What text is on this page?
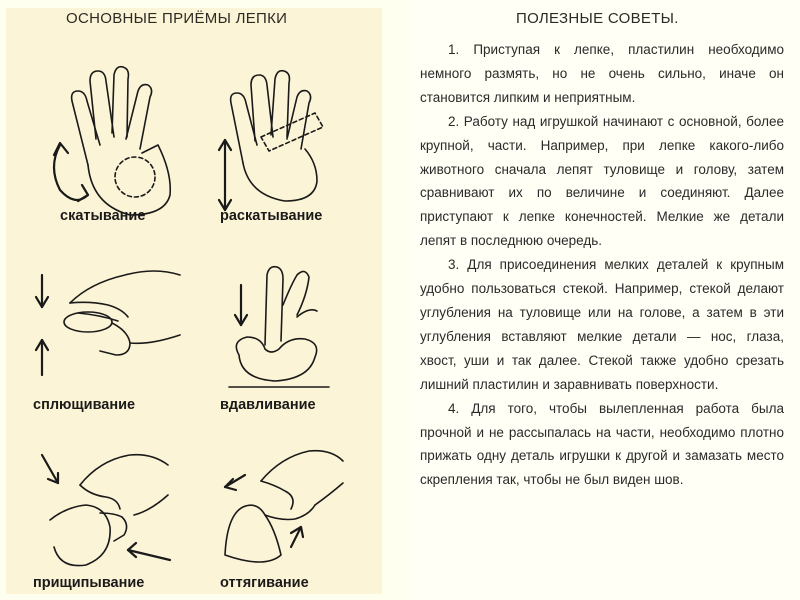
ОСНОВНЫЕ ПРИЁМЫ ЛЕПКИ	ПОЛЕЗНЫЕ СОВЕТЫ.
скатывание	раскатывание
сплющивание	вдавливание
прищипывание	оттягивание

1. Приступая к лепке, пластилин необходимо немного размять, но не очень сильно, иначе он становится липким и неприятным.

2. Работу над игрушкой начинают с основной, более крупной, части. Например, при лепке какого-либо животного сначала лепят туловище и голову, затем сравнивают их по величине и соединяют. Далее приступают к лепке конечностей. Мелкие же детали лепят в последнюю очередь.

3. Для присоединения мелких деталей к крупным удобно пользоваться стекой. Например, стекой делают углубления на туловище или на голове, а затем в эти углубления вставляют мелкие детали — нос, глаза, хвост, уши и так далее. Стекой также удобно срезать лишний пластилин и заравнивать поверхности.

4. Для того, чтобы вылепленная работа была прочной и не рассыпалась на части, необходимо плотно прижать одну деталь игрушки к другой и замазать место скрепления так, чтобы не был виден шов.
